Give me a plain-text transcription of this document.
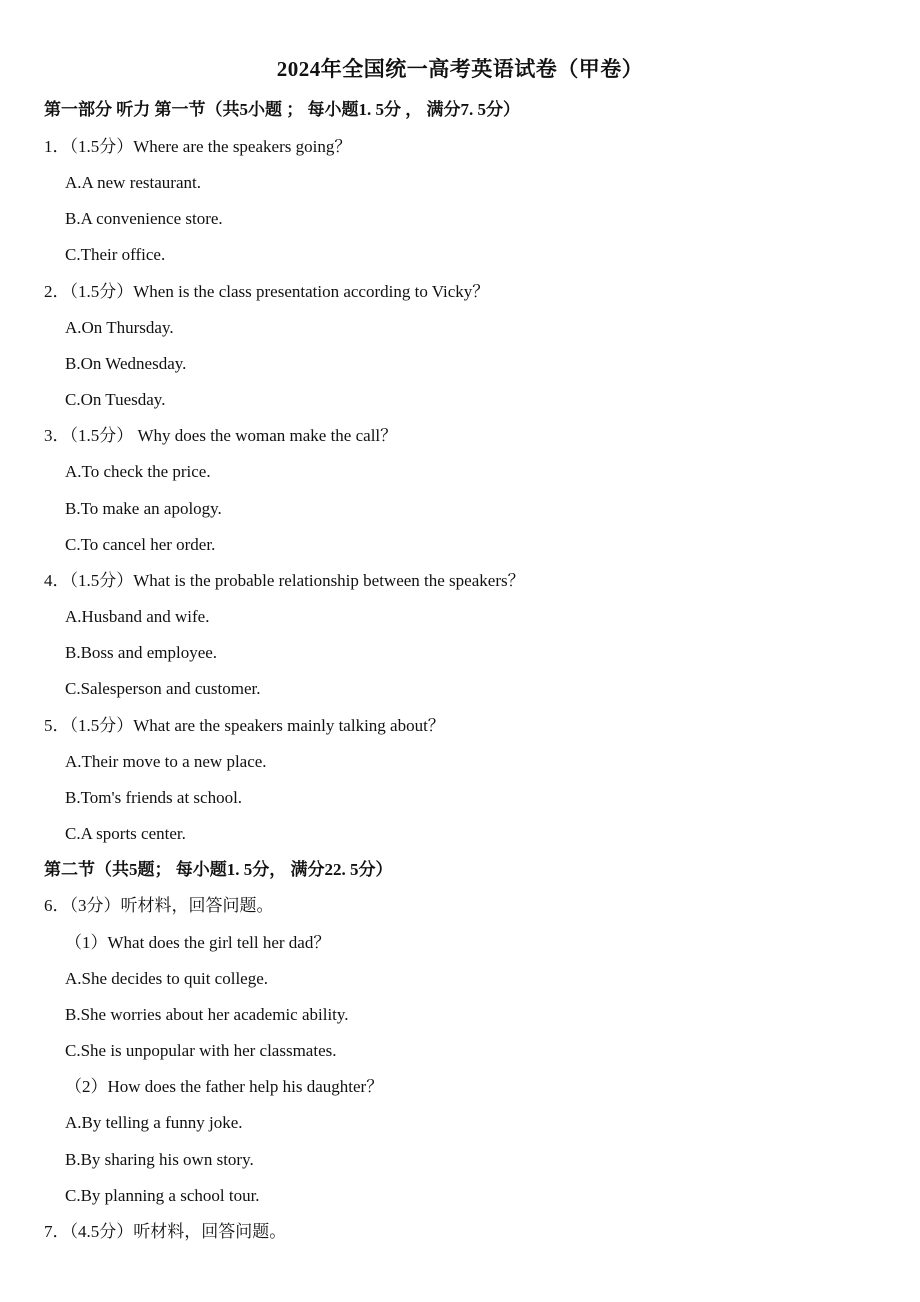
2024年全国统一高考英语试卷（甲卷）
第一部分 听力 第一节（共5小题 ； 每小题1. 5分 ， 满分7. 5分）
1．（1.5分）Where are the speakers going？
A.A new restaurant.
B.A convenience store.
C.Their office.
2．（1.5分）When is the class presentation according to Vicky？
A.On Thursday.
B.On Wednesday.
C.On Tuesday.
3．（1.5分） Why does the woman make the call？
A.To check the price.
B.To make an apology.
C.To cancel her order.
4．（1.5分）What is the probable relationship between the speakers？
A.Husband and wife.
B.Boss and employee.
C.Salesperson and customer.
5．（1.5分）What are the speakers mainly talking about？
A.Their move to a new place.
B.Tom's friends at school.
C.A sports center.
第二节（共5题； 每小题1. 5分， 满分22. 5分）
6．（3分）听材料，回答问题。
（1）What does the girl tell her dad？
A.She decides to quit college.
B.She worries about her academic ability.
C.She is unpopular with her classmates.
（2）How does the father help his daughter？
A.By telling a funny joke.
B.By sharing his own story.
C.By planning a school tour.
7．（4.5分）听材料，回答问题。
